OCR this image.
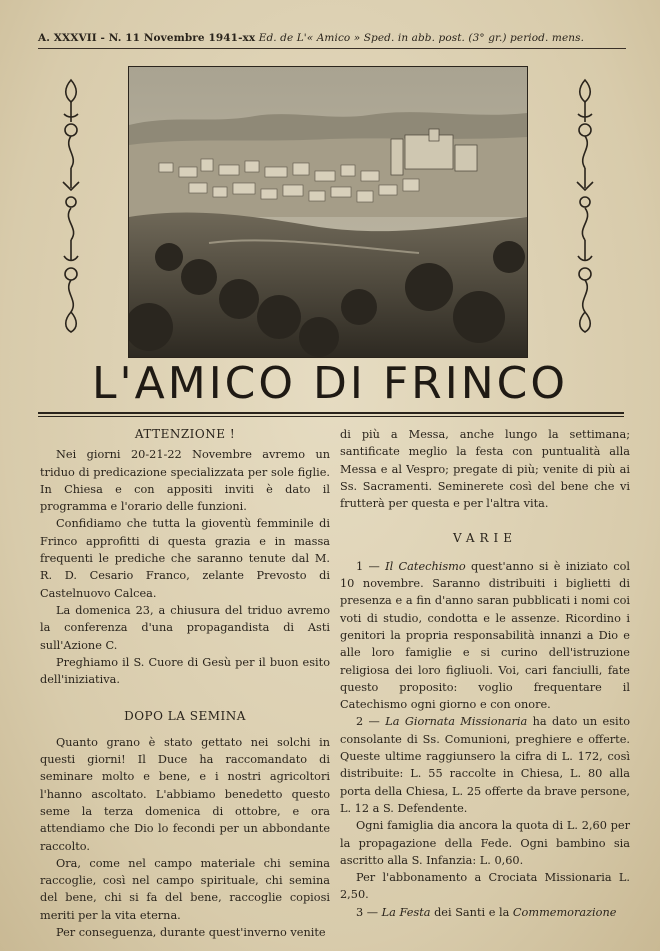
A. XXXVII - N. 11 Novembre 1941-xx Ed. de L'« Amico » Sped. in abb. post. (3° gr.) period. mens.
L'AMICO DI FRINCO
ATTENZIONE !

Nei giorni 20-21-22 Novembre avremo un triduo di predicazione specializzata per sole figlie. In Chiesa e con appositi inviti è dato il programma e l'orario delle funzioni.

Confidiamo che tutta la gioventù femminile di Frinco approfitti di questa grazia e in massa frequenti le prediche che saranno tenute dal M. R. D. Cesario Franco, zelante Prevosto di Castelnuovo Calcea.

La domenica 23, a chiusura del triduo avremo la conferenza d'una propagandista di Asti sull'Azione C.

Preghiamo il S. Cuore di Gesù per il buon esito dell'iniziativa.

DOPO LA SEMINA

Quanto grano è stato gettato nei solchi in questi giorni! Il Duce ha raccomandato di seminare molto e bene, e i nostri agricoltori l'hanno ascoltato. L'abbiamo benedetto questo seme la terza domenica di ottobre, e ora attendiamo che Dio lo fecondi per un abbondante raccolto.

Ora, come nel campo materiale chi semina raccoglie, così nel campo spirituale, chi semina del bene, chi si fa del bene, raccoglie copiosi meriti per la vita eterna.

Per conseguenza, durante quest'inverno venite

di più a Messa, anche lungo la settimana; santificate meglio la festa con puntualità alla Messa e al Vespro; pregate di più; venite di più ai Ss. Sacramenti. Seminerete così del bene che vi frutterà per questa e per l'altra vita.

VARIE

1 — Il Catechismo quest'anno si è iniziato col 10 novembre. Saranno distribuiti i biglietti di presenza e a fin d'anno saran pubblicati i nomi coi voti di studio, condotta e le assenze. Ricordino i genitori la propria responsabilità innanzi a Dio e alle loro famiglie e si curino dell'istruzione religiosa dei loro figliuoli. Voi, cari fanciulli, fate questo proposito: voglio frequentare il Catechismo ogni giorno e con onore.

2 — La Giornata Missionaria ha dato un esito consolante di Ss. Comunioni, preghiere e offerte. Queste ultime raggiunsero la cifra di L. 172, così distribuite: L. 55 raccolte in Chiesa, L. 80 alla porta della Chiesa, L. 25 offerte da brave persone, L. 12 a S. Defendente.

Ogni famiglia dia ancora la quota di L. 2,60 per la propagazione della Fede. Ogni bambino sia ascritto alla S. Infanzia: L. 0,60.

Per l'abbonamento a Crociata Missionaria L. 2,50.

3 — La Festa dei Santi e la Commemorazione
